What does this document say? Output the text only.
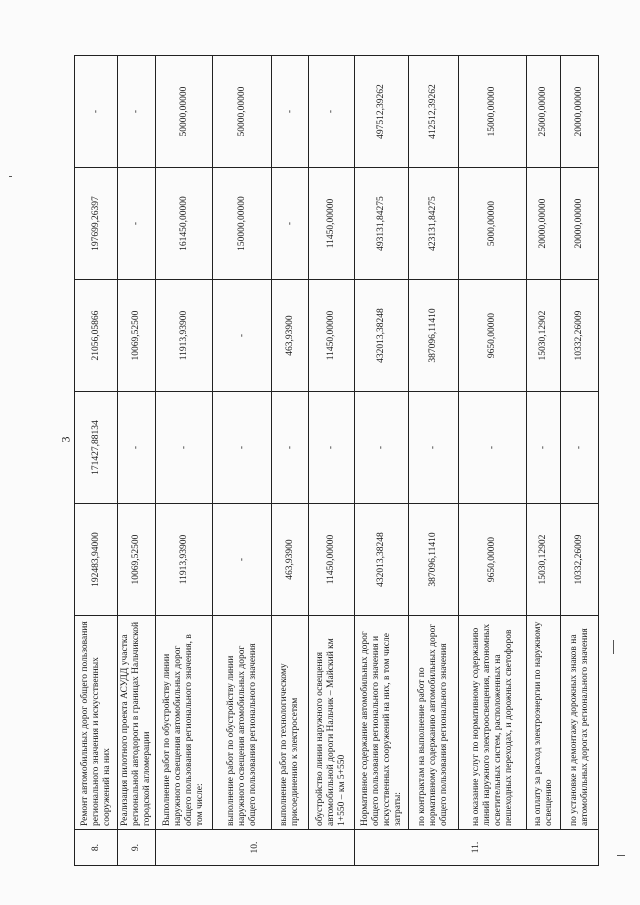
3
8.	Ремонт автомобильных дорог общего пользования регионального значения и искусственных сооружений на них	192483,94000	171427,88134	21056,05866	197699,26397	-
9.	Реализация пилотного проекта АСУДД участка региональной автодороги в границах Нальчикской городской агломерации	10069,52500	-	10069,52500	-	-
10.	Выполнение работ по обустройству линии наружного освещения автомобильных дорог общего пользования регионального значения, в том числе:	11913,93900	-	11913,93900	161450,00000	50000,00000
	выполнение работ по обустройству линии наружного освещения автомобильных дорог общего пользования регионального значения	-	-	-	150000,00000	50000,00000
	выполнение работ по технологическому присоединению к электросетям	463,93900	-	463,93900	-	-
	обустройство линии наружного освещения автомобильной дороги Нальчик – Майский км 1+550 – км 5+550	11450,00000	-	11450,00000	11450,00000	-
11.	Нормативное содержание автомобильных дорог общего пользования регионального значения и искусственных сооружений на них, в том числе затраты:	432013,38248	-	432013,38248	493131,84275	497512,39262
	по контрактам на выполнение работ по нормативному содержанию автомобильных дорог общего пользования регионального значения	387096,11410	-	387096,11410	423131,84275	412512,39262
	на оказание услуг по нормативному содержанию линий наружного электроосвещения, автономных осветительных систем, расположенных на пешеходных переходах, и дорожных светофоров	9650,00000	-	9650,00000	5000,00000	15000,00000
	на оплату за расход электроэнергии по наружному освещению	15030,12902	-	15030,12902	20000,00000	25000,00000
	по установке и демонтажу дорожных знаков на автомобильных дорогах регионального значения	10332,26009	-	10332,26009	20000,00000	20000,00000
